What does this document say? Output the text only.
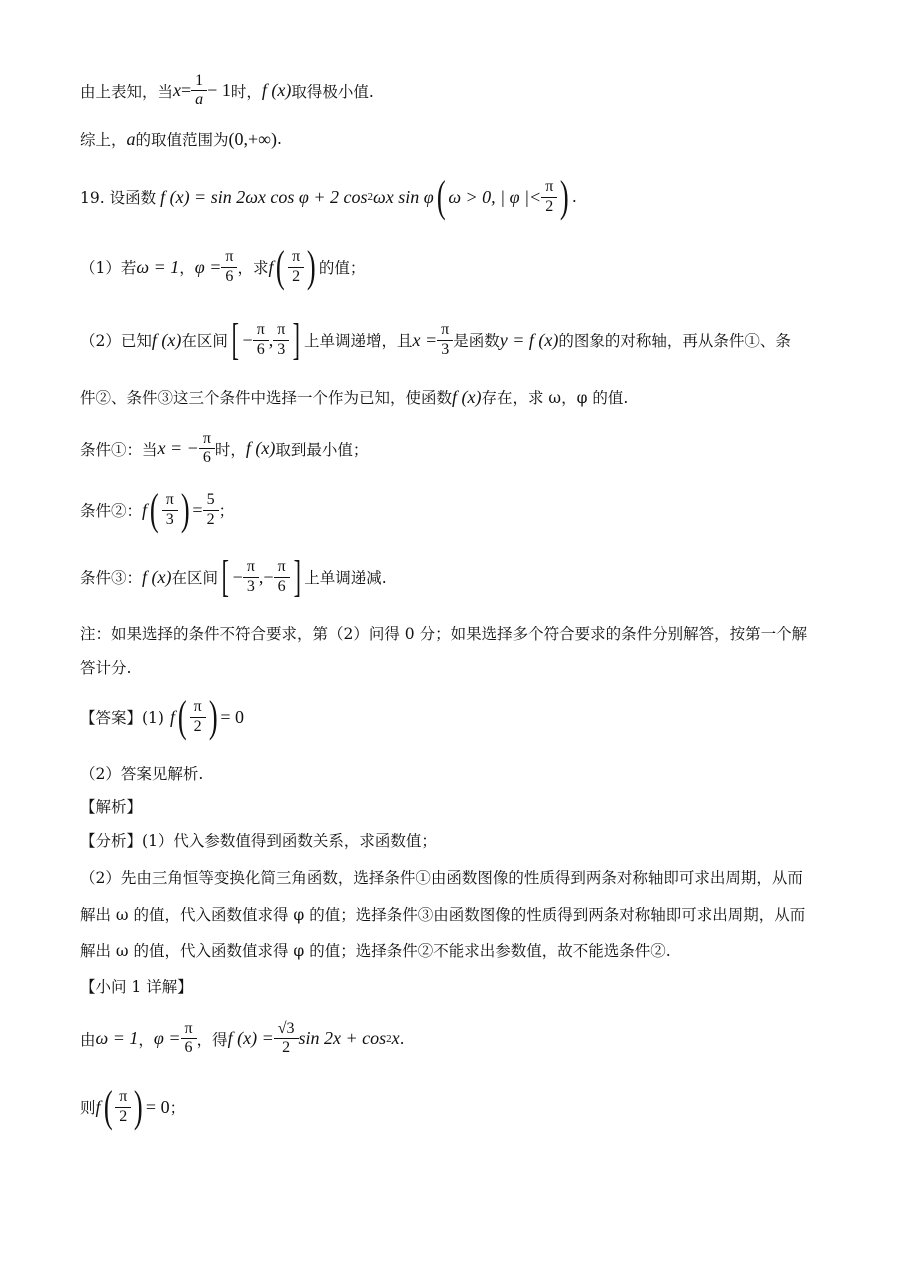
由上表知，当 $x = \frac{1}{a} - 1$ 时， f (x) 取得极小值.
综上， a 的取值范围为 (0,+∞) .
19. 设函数 f (x) = sin 2ωx cos φ + 2 cos 2 ωx sin φ ( ω > 0, | φ |< $\frac{\pi}{2}$ ) .
（1）若 ω = 1 ， $\varphi = \frac{\pi}{6}$ ，求 f ( $\frac{\pi}{2}$ ) 的值；
（2）已知 f (x) 在区间 [ − $\frac{\pi}{6}$ , $\frac{\pi}{3}$ ] 上单调递增，且 $x = \frac{\pi}{3}$ 是函数 y = f (x) 的图象的对称轴，再从条件①、条
件②、条件③这三个条件中选择一个作为已知，使函数 f (x) 存在，求 ω，φ 的值.
条件①：当 x = − $\frac{\pi}{6}$ 时， f (x) 取到最小值；
条件②： f ( $\frac{\pi}{3}$ ) = $\frac{5}{2}$ ；
条件③： f (x) 在区间 [ − $\frac{\pi}{3}$ ,− $\frac{\pi}{6}$ ] 上单调递减.
注：如果选择的条件不符合要求，第（2）问得 0 分；如果选择多个符合要求的条件分别解答，按第一个解
答计分.
【答案】(1) f ( $\frac{\pi}{2}$ ) = 0
（2）答案见解析.
【解析】
【分析】 (1）代入参数值得到函数关系，求函数值；
（2）先由三角恒等变换化简三角函数，选择条件①由函数图像的性质得到两条对称轴即可求出周期，从而
解出 ω 的值，代入函数值求得 φ 的值；选择条件③由函数图像的性质得到两条对称轴即可求出周期，从而
解出 ω 的值，代入函数值求得 φ 的值；选择条件②不能求出参数值，故不能选条件②.
【小问 1 详解】
由 ω = 1 ， $\varphi = \frac{\pi}{6}$ ，得 f $(x) = \frac{√3}{2}$ sin 2x + cos 2 x .
则 f ( $\frac{\pi}{2}$ ) = 0 ；
